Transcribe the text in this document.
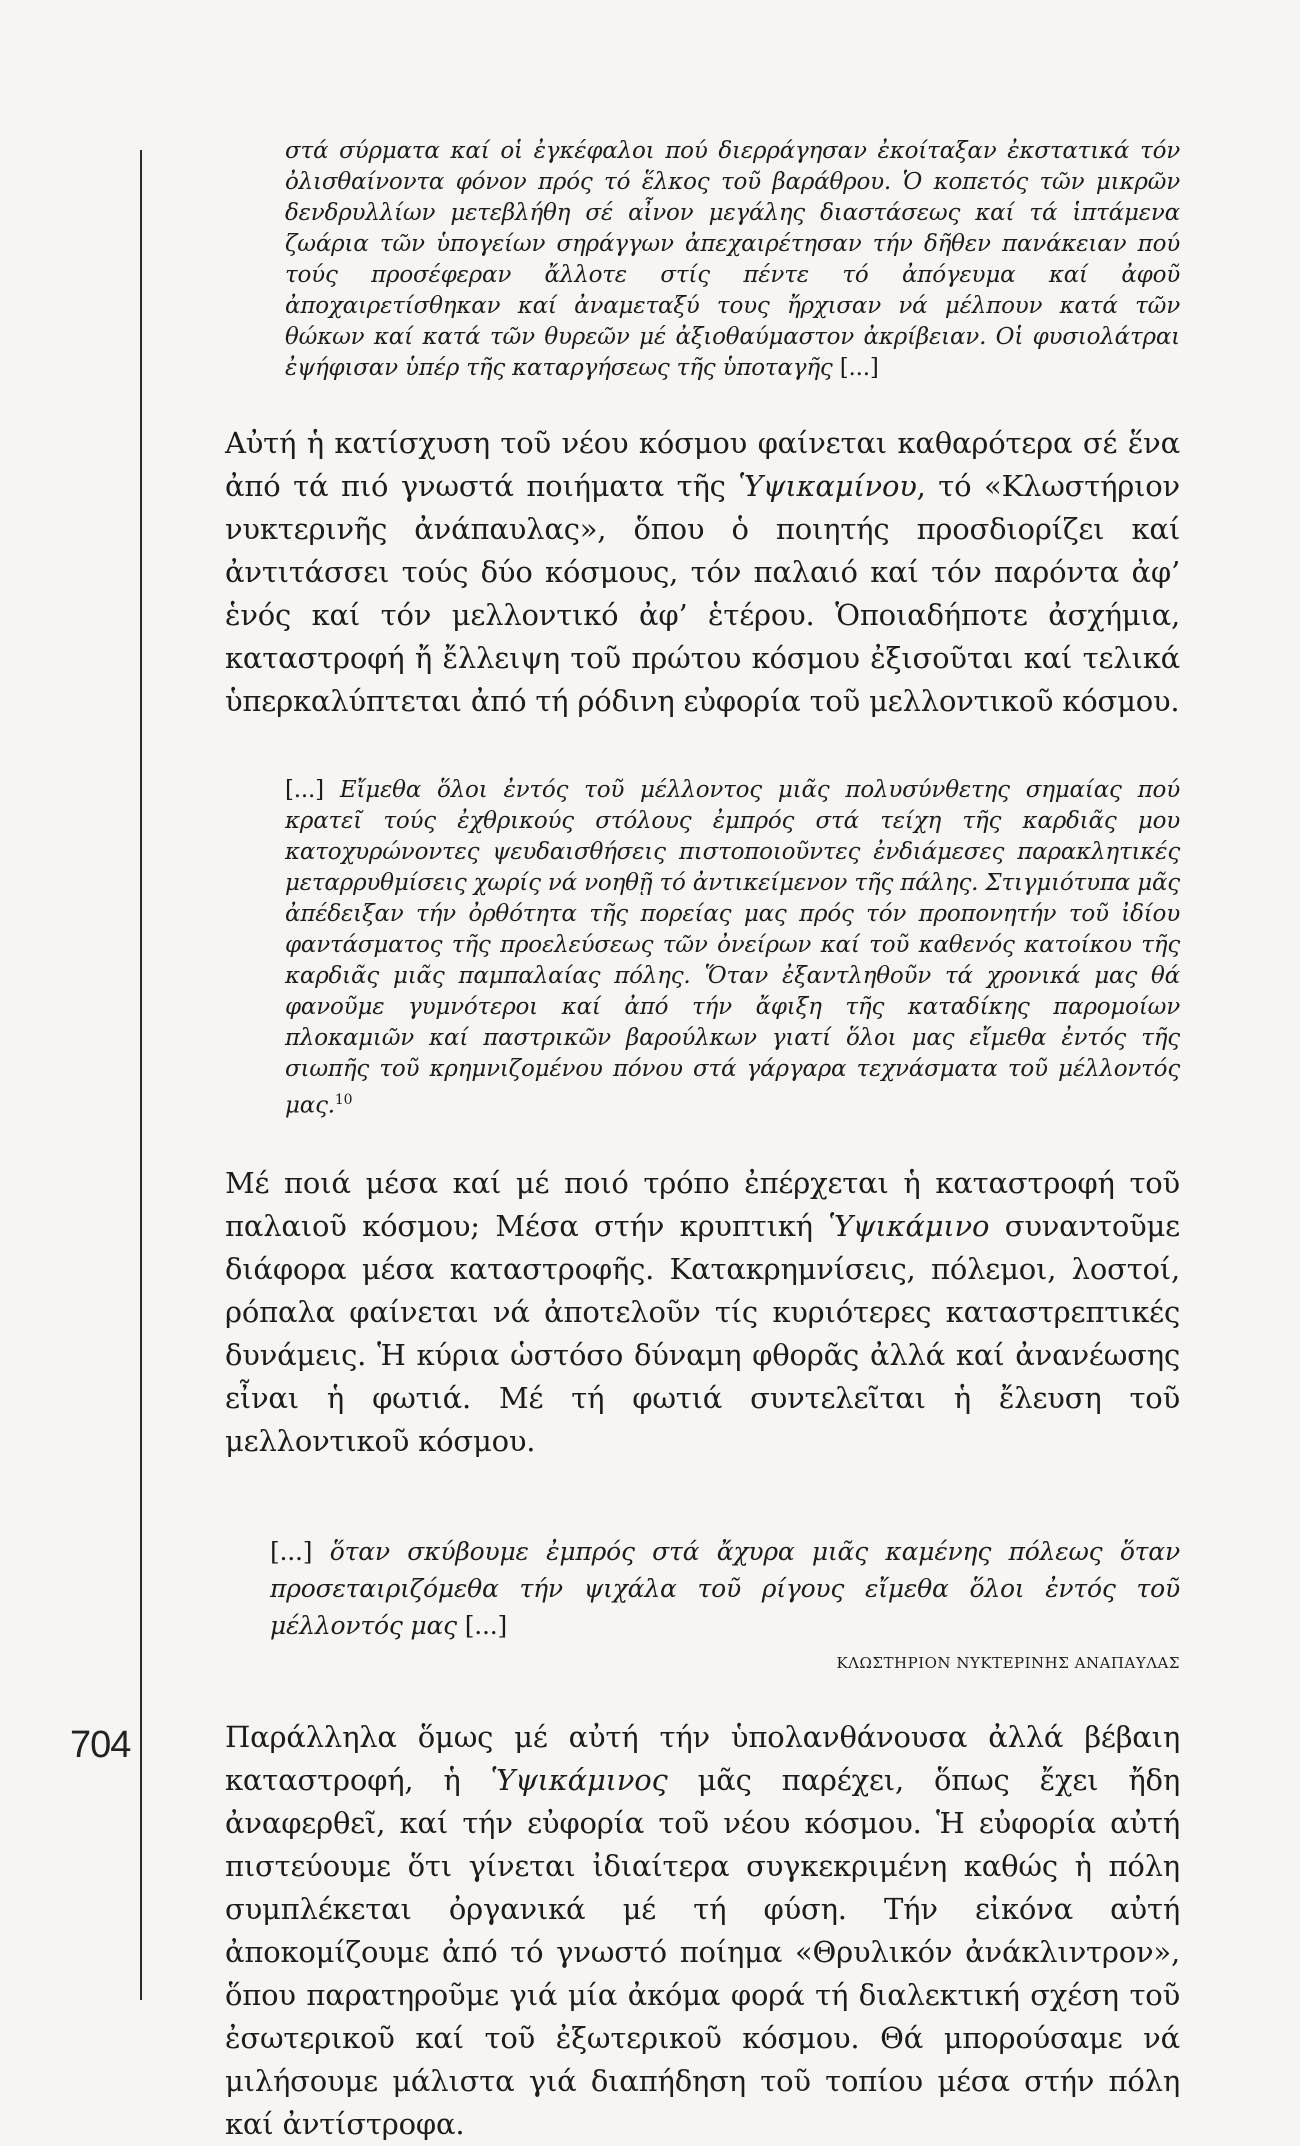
704

στά σύρματα καί οἱ ἐγκέφαλοι πού διερράγησαν ἐκοίταξαν ἐκστατικά τόν ὀλισθαίνοντα φόνον πρός τό ἕλκος τοῦ βαράθρου. Ὁ κοπετός τῶν μικρῶν δενδρυλλίων μετεβλήθη σέ αἶνον μεγάλης διαστάσεως καί τά ἱπτάμενα ζωάρια τῶν ὑπογείων σηράγγων ἀπεχαιρέτησαν τήν δῆθεν πανάκειαν πού τούς προσέφεραν ἄλλοτε στίς πέντε τό ἀπόγευμα καί ἀφοῦ ἀποχαιρετίσθηκαν καί ἀναμεταξύ τους ἤρχισαν νά μέλπουν κατά τῶν θώκων καί κατά τῶν θυρεῶν μέ ἀξιοθαύμαστον ἀκρίβειαν. Οἱ φυσιολάτραι ἐψήφισαν ὑπέρ τῆς καταργήσεως τῆς ὑποταγῆς [...]

Αὐτή ἡ κατίσχυση τοῦ νέου κόσμου φαίνεται καθαρότερα σέ ἕνα ἀπό τά πιό γνωστά ποιήματα τῆς Ὑψικαμίνου, τό «Κλωστήριον νυκτερινῆς ἀνάπαυλας», ὅπου ὁ ποιητής προσδιορίζει καί ἀντιτάσσει τούς δύο κόσμους, τόν παλαιό καί τόν παρόντα ἀφ’ ἑνός καί τόν μελλοντικό ἀφ’ ἑτέρου. Ὁποιαδήποτε ἀσχήμια, καταστροφή ἤ ἔλλειψη τοῦ πρώτου κόσμου ἐξισοῦται καί τελικά ὑπερκαλύπτεται ἀπό τή ρόδινη εὐφορία τοῦ μελλοντικοῦ κόσμου.

[...] Εἴμεθα ὅλοι ἐντός τοῦ μέλλοντος μιᾶς πολυσύνθετης σημαίας πού κρατεῖ τούς ἐχθρικούς στόλους ἐμπρός στά τείχη τῆς καρδιᾶς μου κατοχυρώνοντες ψευδαισθήσεις πιστοποιοῦντες ἐνδιάμεσες παρακλητικές μεταρρυθμίσεις χωρίς νά νοηθῇ τό ἀντικείμενον τῆς πάλης. Στιγμιότυπα μᾶς ἀπέδειξαν τήν ὀρθότητα τῆς πορείας μας πρός τόν προπονητήν τοῦ ἰδίου φαντάσματος τῆς προελεύσεως τῶν ὀνείρων καί τοῦ καθενός κατοίκου τῆς καρδιᾶς μιᾶς παμπαλαίας πόλης. Ὅταν ἐξαντληθοῦν τά χρονικά μας θά φανοῦμε γυμνότεροι καί ἀπό τήν ἄφιξη τῆς καταδίκης παρομοίων πλοκαμιῶν καί παστρικῶν βαρούλκων γιατί ὅλοι μας εἴμεθα ἐντός τῆς σιωπῆς τοῦ κρημνιζομένου πόνου στά γάργαρα τεχνάσματα τοῦ μέλλοντός μας.$^{10}$

Μέ ποιά μέσα καί μέ ποιό τρόπο ἐπέρχεται ἡ καταστροφή τοῦ παλαιοῦ κόσμου; Μέσα στήν κρυπτική Ὑψικάμινο συναντοῦμε διάφορα μέσα καταστροφῆς. Κατακρημνίσεις, πόλεμοι, λοστοί, ρόπαλα φαίνεται νά ἀποτελοῦν τίς κυριότερες καταστρεπτικές δυνάμεις. Ἡ κύρια ὡστόσο δύναμη φθορᾶς ἀλλά καί ἀνανέωσης εἶναι ἡ φωτιά. Μέ τή φωτιά συντελεῖται ἡ ἔλευση τοῦ μελλοντικοῦ κόσμου.

[...] ὅταν σκύβουμε ἐμπρός στά ἄχυρα μιᾶς καμένης πόλεως ὅταν προσεταιριζόμεθα τήν ψιχάλα τοῦ ρίγους εἴμεθα ὅλοι ἐντός τοῦ μέλλοντός μας [...]

ΚΛΩΣΤΗΡΙΟΝ ΝΥΚΤΕΡΙΝΗΣ ΑΝΑΠΑΥΛΑΣ

Παράλληλα ὅμως μέ αὐτή τήν ὑπολανθάνουσα ἀλλά βέβαιη καταστροφή, ἡ Ὑψικάμινος μᾶς παρέχει, ὅπως ἔχει ἤδη ἀναφερθεῖ, καί τήν εὐφορία τοῦ νέου κόσμου. Ἡ εὐφορία αὐτή πιστεύουμε ὅτι γίνεται ἰδιαίτερα συγκεκριμένη καθώς ἡ πόλη συμπλέκεται ὀργανικά μέ τή φύση. Τήν εἰκόνα αὐτή ἀποκομίζουμε ἀπό τό γνωστό ποίημα «Θρυλικόν ἀνάκλιντρον», ὅπου παρατηροῦμε γιά μία ἀκόμα φορά τή διαλεκτική σχέση τοῦ ἐσωτερικοῦ καί τοῦ ἐξωτερικοῦ κόσμου. Θά μπορούσαμε νά μιλήσουμε μάλιστα γιά διαπήδηση τοῦ τοπίου μέσα στήν πόλη καί ἀντίστροφα.
